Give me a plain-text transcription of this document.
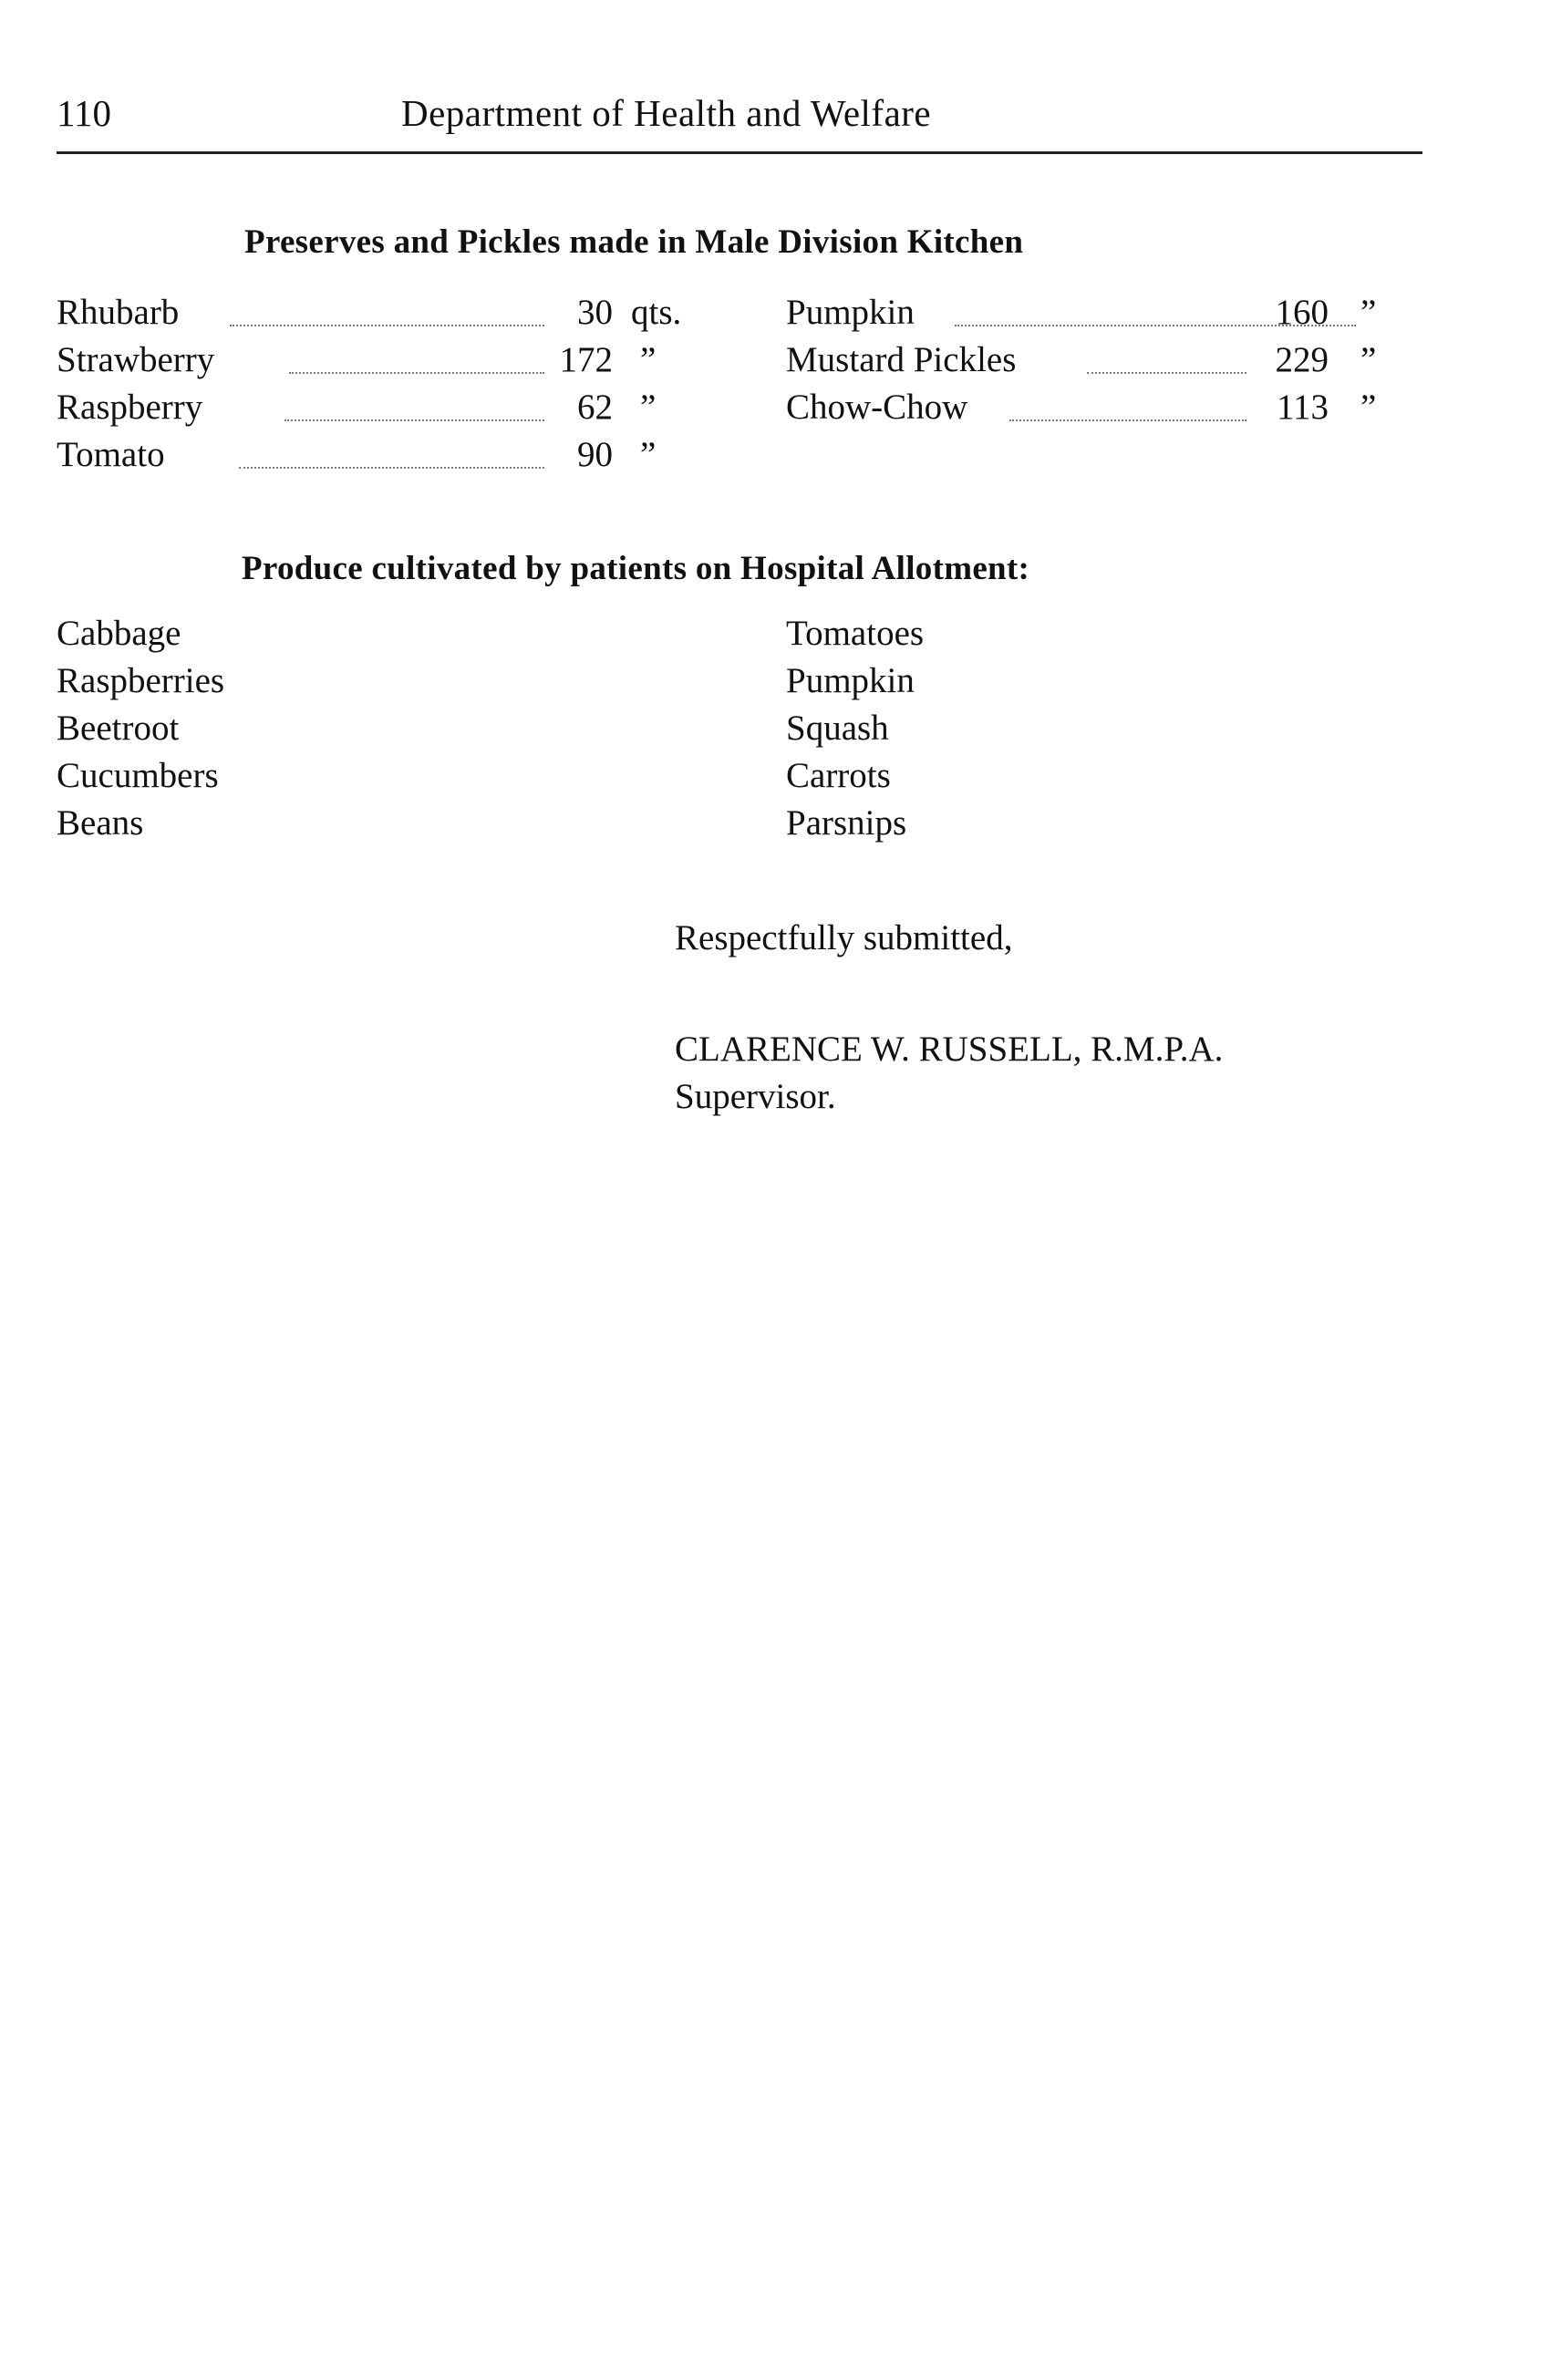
110	Department of Health and Welfare
Preserves and Pickles made in Male Division Kitchen
Rhubarb	30 qts.
Strawberry	172 ”
Raspberry	62 ”
Tomato	90 ”
Pumpkin	160 ”
Mustard Pickles	229 ”
Chow-Chow	113 ”
Produce cultivated by patients on Hospital Allotment:
Cabbage
Raspberries
Beetroot
Cucumbers
Beans
Tomatoes
Pumpkin
Squash
Carrots
Parsnips
Respectfully submitted,
CLARENCE W. RUSSELL, R.M.P.A.
Supervisor.
